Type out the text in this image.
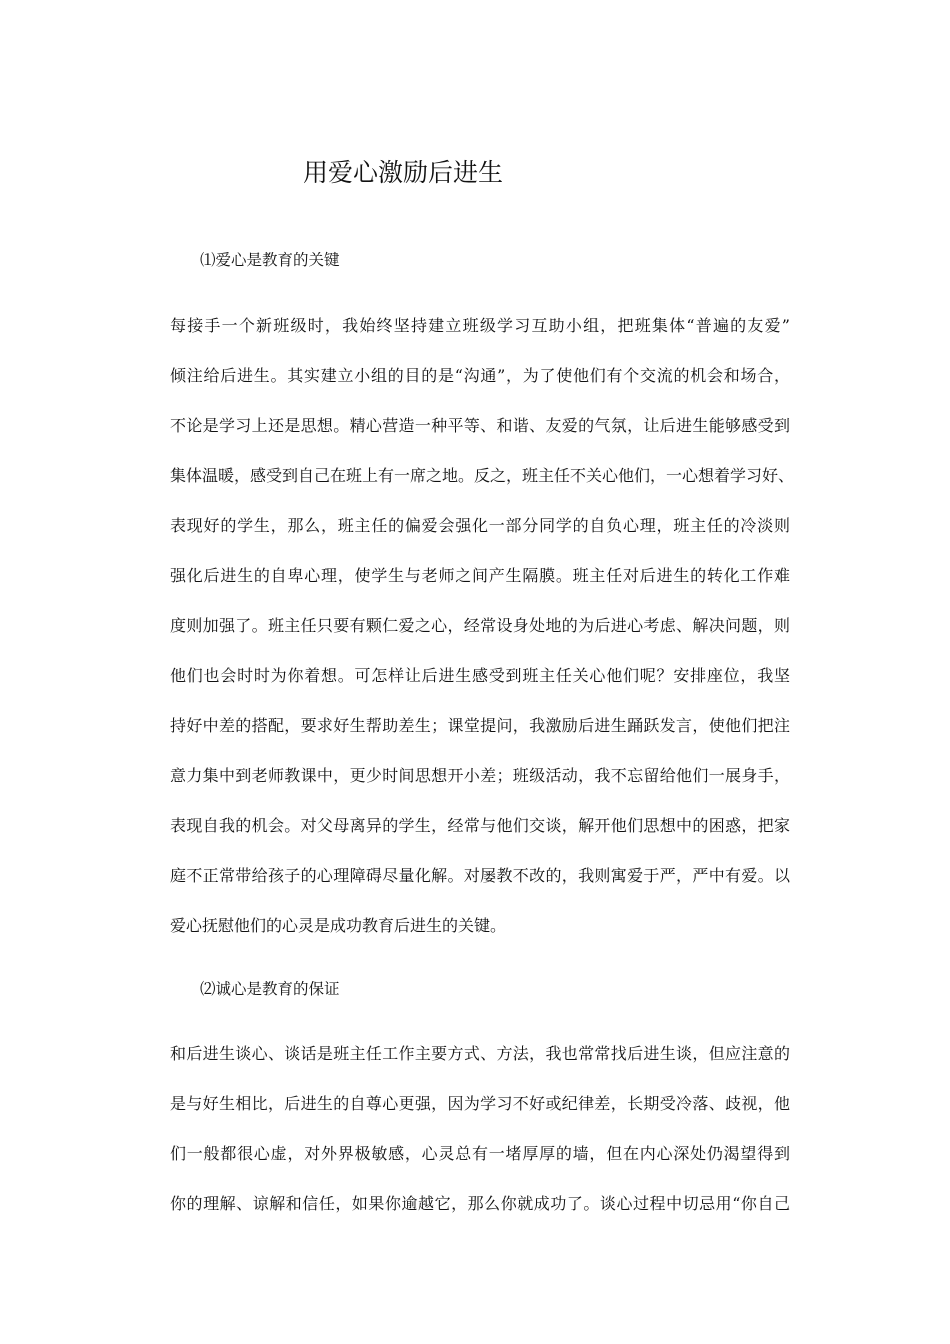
用爱心激励后进生
⑴爱心是教育的关键
每接手一个新班级时，我始终坚持建立班级学习互助小组，把班集体“普遍的友爱”
倾注给后进生。其实建立小组的目的是“沟通”，为了使他们有个交流的机会和场合，
不论是学习上还是思想。精心营造一种平等、和谐、友爱的气氛，让后进生能够感受到
集体温暖，感受到自己在班上有一席之地。反之，班主任不关心他们，一心想着学习好、
表现好的学生，那么，班主任的偏爱会强化一部分同学的自负心理，班主任的冷淡则
强化后进生的自卑心理，使学生与老师之间产生隔膜。班主任对后进生的转化工作难
度则加强了。班主任只要有颗仁爱之心，经常设身处地的为后进心考虑、解决问题，则
他们也会时时为你着想。可怎样让后进生感受到班主任关心他们呢？安排座位，我坚
持好中差的搭配，要求好生帮助差生；课堂提问，我激励后进生踊跃发言，使他们把注
意力集中到老师教课中，更少时间思想开小差；班级活动，我不忘留给他们一展身手，
表现自我的机会。对父母离异的学生，经常与他们交谈，解开他们思想中的困惑，把家
庭不正常带给孩子的心理障碍尽量化解。对屡教不改的，我则寓爱于严，严中有爱。以
爱心抚慰他们的心灵是成功教育后进生的关键。
⑵诚心是教育的保证
和后进生谈心、谈话是班主任工作主要方式、方法，我也常常找后进生谈，但应注意的
是与好生相比，后进生的自尊心更强，因为学习不好或纪律差，长期受冷落、歧视，他
们一般都很心虚，对外界极敏感，心灵总有一堵厚厚的墙，但在内心深处仍渴望得到
你的理解、谅解和信任，如果你逾越它，那么你就成功了。谈心过程中切忌用“你自己
